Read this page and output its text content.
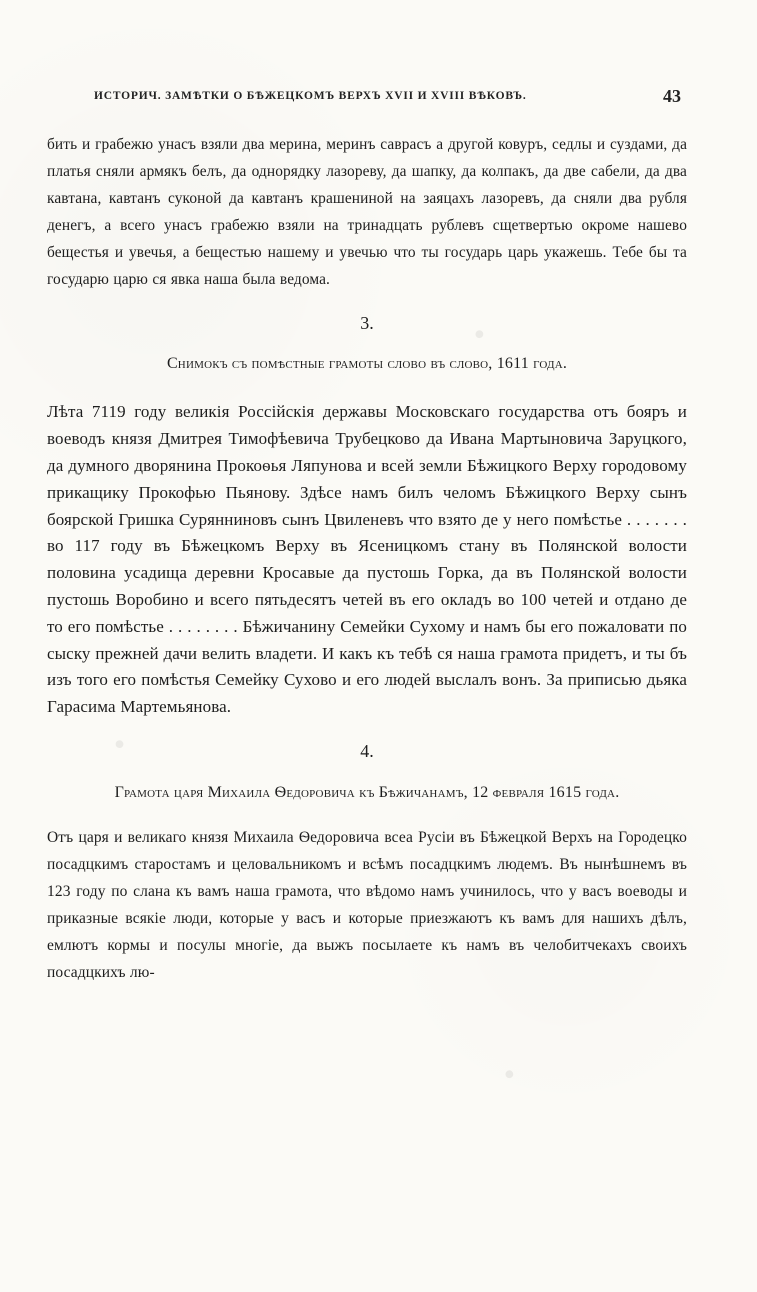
·
·
·
ИСТОРИЧ. ЗАМѢТКИ О БѢЖЕЦКОМЪ ВЕРХЪ XVII И XVIII ВѢКОВЪ.	43

бить и грабежю унасъ взяли два мерина, меринъ саврасъ а другой ковуръ, седлы и суздами, да платья сняли армякъ белъ, да однорядку лазореву, да шапку, да колпакъ, да две сабели, да два кавтана, кавтанъ суконой да кавтанъ крашениной на заяцахъ лазоревъ, да сняли два рубля денегъ, а всего унасъ грабежю взяли на тринадцать рублевъ сщетвертью окроме нашево бещестья и увечья, а бещестью нашему и увечью что ты государь царь укажешь. Тебе бы та государю царю ся явка наша была ведома.

3.
Снимокъ съ помѣстные грамоты слово въ слово, 1611 года.

Лѣта 7119 году великія Россійскія державы Московскаго государства отъ бояръ и воеводъ князя Дмитрея Тимофѣевича Трубецково да Ивана Мартыновича Заруцкого, да думного дворянина Прокоѳья Ляпунова и всей земли Бѣжицкого Верху городовому прикащику Прокофью Пьянову. Здѣсе намъ билъ челомъ Бѣжицкого Верху сынъ боярской Гришка Сурянниновъ сынъ Цвиленевъ что взято де у него помѣстье . . . . . . . во 117 году въ Бѣжецкомъ Верху въ Ясеницкомъ стану въ Полянской волости половина усадища деревни Кросавые да пустошь Горка, да въ Полянской волости пустошь Воробино и всего пятьдесятъ четей въ его окладъ во 100 четей и отдано де то его помѣстье . . . . . . . . Бѣжичанину Семейки Сухому и намъ бы его пожаловати по сыску прежней дачи велить владети. И какъ къ тебѣ ся наша грамота придетъ, и ты бъ изъ того его помѣстья Семейку Сухово и его людей выслалъ вонъ. За приписью дьяка Гарасима Мартемьянова.

4.
Грамота царя Михаила Ѳедоровича къ Бѣжичанамъ, 12 февраля 1615 года.

Отъ царя и великаго князя Михаила Ѳедоровича всеа Русіи въ Бѣжецкой Верхъ на Городецко посадцкимъ старостамъ и целовальникомъ и всѣмъ посадцкимъ людемъ. Въ нынѣшнемъ въ 123 году по слана къ вамъ наша грамота, что вѣдомо намъ учинилось, что у васъ воеводы и приказные всякіе люди, которые у васъ и которые приезжаютъ къ вамъ для нашихъ дѣлъ, емлютъ кормы и посулы многіе, да выжъ посылаете къ намъ въ челобитчекахъ своихъ посадцкихъ лю-
